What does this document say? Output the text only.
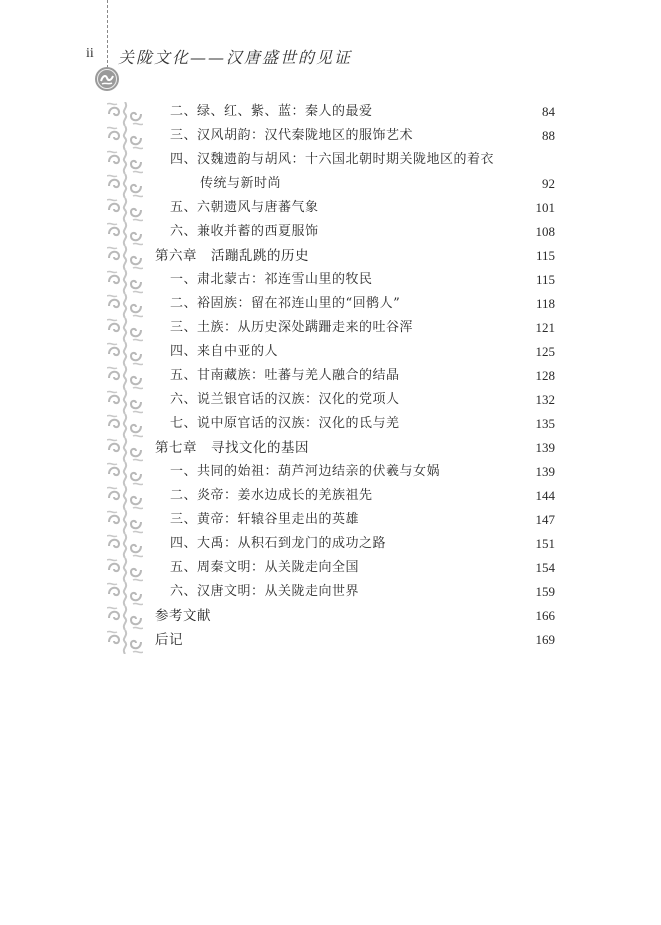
ii 关陇文化——汉唐盛世的见证
二、绿、红、紫、蓝：秦人的最爱	84
三、汉风胡韵：汉代秦陇地区的服饰艺术	88
四、汉魏遗韵与胡风：十六国北朝时期关陇地区的着衣
传统与新时尚	92
五、六朝遗风与唐蕃气象	101
六、兼收并蓄的西夏服饰	108
第六章　活蹦乱跳的历史	115
一、肃北蒙古：祁连雪山里的牧民	115
二、裕固族：留在祁连山里的“回鹘人”	118
三、土族：从历史深处蹒跚走来的吐谷浑	121
四、来自中亚的人	125
五、甘南藏族：吐蕃与羌人融合的结晶	128
六、说兰银官话的汉族：汉化的党项人	132
七、说中原官话的汉族：汉化的氐与羌	135
第七章　寻找文化的基因	139
一、共同的始祖：葫芦河边结亲的伏羲与女娲	139
二、炎帝：姜水边成长的羌族祖先	144
三、黄帝：轩辕谷里走出的英雄	147
四、大禹：从积石到龙门的成功之路	151
五、周秦文明：从关陇走向全国	154
六、汉唐文明：从关陇走向世界	159
参考文献	166
后记	169
